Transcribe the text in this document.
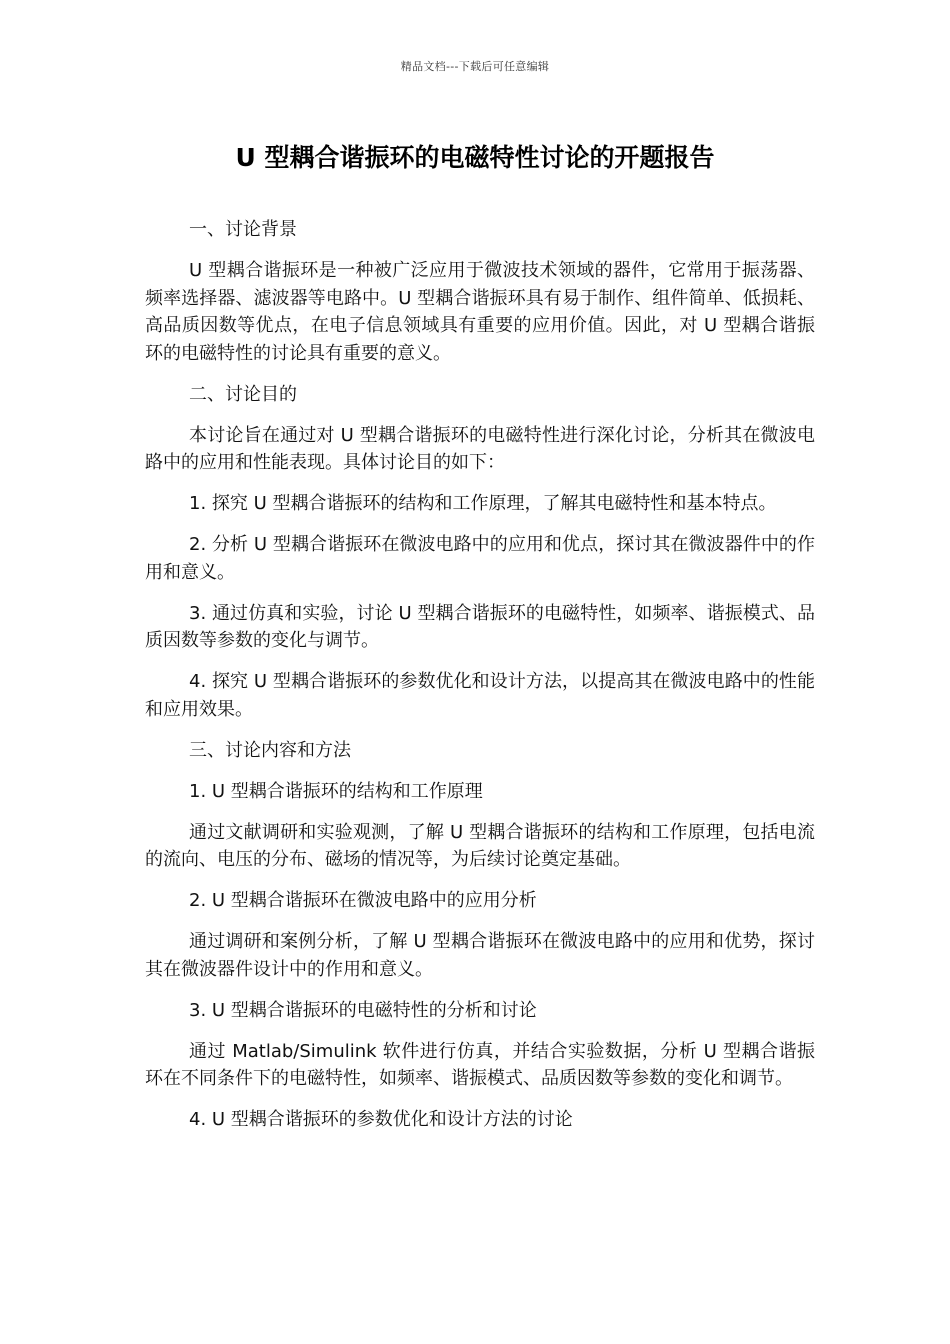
精品文档---下载后可任意编辑
U 型耦合谐振环的电磁特性讨论的开题报告

一、讨论背景

U 型耦合谐振环是一种被广泛应用于微波技术领域的器件，它常用于振荡器、频率选择器、滤波器等电路中。U 型耦合谐振环具有易于制作、组件简单、低损耗、高品质因数等优点，在电子信息领域具有重要的应用价值。因此，对 U 型耦合谐振环的电磁特性的讨论具有重要的意义。

二、讨论目的

本讨论旨在通过对 U 型耦合谐振环的电磁特性进行深化讨论，分析其在微波电路中的应用和性能表现。具体讨论目的如下：

1. 探究 U 型耦合谐振环的结构和工作原理，了解其电磁特性和基本特点。

2. 分析 U 型耦合谐振环在微波电路中的应用和优点，探讨其在微波器件中的作用和意义。

3. 通过仿真和实验，讨论 U 型耦合谐振环的电磁特性，如频率、谐振模式、品质因数等参数的变化与调节。

4. 探究 U 型耦合谐振环的参数优化和设计方法，以提高其在微波电路中的性能和应用效果。

三、讨论内容和方法

1. U 型耦合谐振环的结构和工作原理

通过文献调研和实验观测，了解 U 型耦合谐振环的结构和工作原理，包括电流的流向、电压的分布、磁场的情况等，为后续讨论奠定基础。

2. U 型耦合谐振环在微波电路中的应用分析

通过调研和案例分析，了解 U 型耦合谐振环在微波电路中的应用和优势，探讨其在微波器件设计中的作用和意义。

3. U 型耦合谐振环的电磁特性的分析和讨论

通过 Matlab/Simulink 软件进行仿真，并结合实验数据，分析 U 型耦合谐振环在不同条件下的电磁特性，如频率、谐振模式、品质因数等参数的变化和调节。

4. U 型耦合谐振环的参数优化和设计方法的讨论
